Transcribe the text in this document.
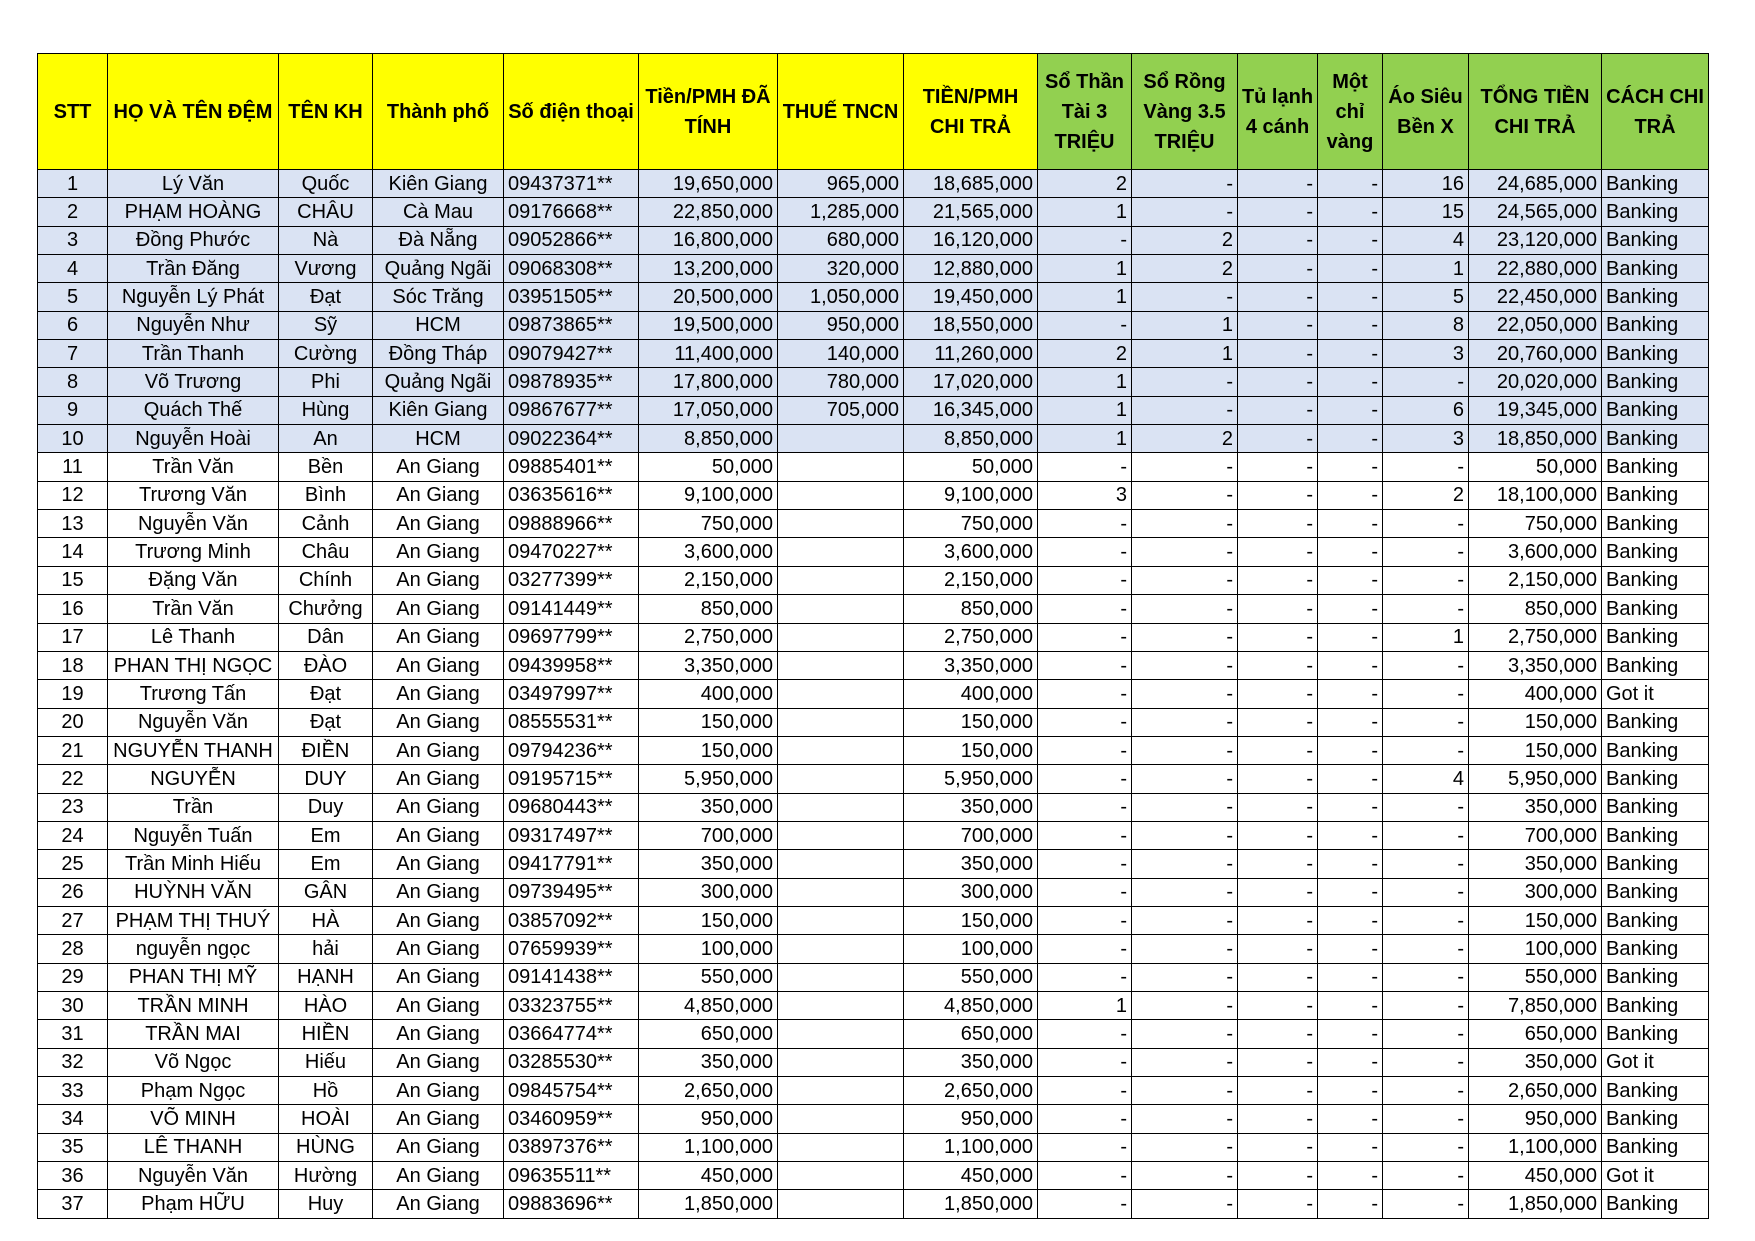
STT	HỌ VÀ TÊN ĐỆM	TÊN KH	Thành phố	Số điện thoại	Tiền/PMH ĐÃ TÍNH	THUẾ TNCN	TIỀN/PMH CHI TRẢ	Sổ Thần Tài 3 TRIỆU	Sổ Rồng Vàng 3.5 TRIỆU	Tủ lạnh 4 cánh	Một chỉ vàng	Áo Siêu Bền X	TỔNG TIỀN CHI TRẢ	CÁCH CHI TRẢ
1	Lý Văn	Quốc	Kiên Giang	09437371**	19,650,000	965,000	18,685,000	2	-	-	-	16	24,685,000	Banking
2	PHẠM HOÀNG	CHÂU	Cà Mau	09176668**	22,850,000	1,285,000	21,565,000	1	-	-	-	15	24,565,000	Banking
3	Đồng Phước	Nà	Đà Nẵng	09052866**	16,800,000	680,000	16,120,000	-	2	-	-	4	23,120,000	Banking
4	Trần Đăng	Vương	Quảng Ngãi	09068308**	13,200,000	320,000	12,880,000	1	2	-	-	1	22,880,000	Banking
5	Nguyễn Lý Phát	Đạt	Sóc Trăng	03951505**	20,500,000	1,050,000	19,450,000	1	-	-	-	5	22,450,000	Banking
6	Nguyễn Như	Sỹ	HCM	09873865**	19,500,000	950,000	18,550,000	-	1	-	-	8	22,050,000	Banking
7	Trần Thanh	Cường	Đồng Tháp	09079427**	11,400,000	140,000	11,260,000	2	1	-	-	3	20,760,000	Banking
8	Võ Trương	Phi	Quảng Ngãi	09878935**	17,800,000	780,000	17,020,000	1	-	-	-	-	20,020,000	Banking
9	Quách Thế	Hùng	Kiên Giang	09867677**	17,050,000	705,000	16,345,000	1	-	-	-	6	19,345,000	Banking
10	Nguyễn Hoài	An	HCM	09022364**	8,850,000		8,850,000	1	2	-	-	3	18,850,000	Banking
11	Trần Văn	Bền	An Giang	09885401**	50,000		50,000	-	-	-	-	-	50,000	Banking
12	Trương Văn	Bình	An Giang	03635616**	9,100,000		9,100,000	3	-	-	-	2	18,100,000	Banking
13	Nguyễn Văn	Cảnh	An Giang	09888966**	750,000		750,000	-	-	-	-	-	750,000	Banking
14	Trương Minh	Châu	An Giang	09470227**	3,600,000		3,600,000	-	-	-	-	-	3,600,000	Banking
15	Đặng Văn	Chính	An Giang	03277399**	2,150,000		2,150,000	-	-	-	-	-	2,150,000	Banking
16	Trần Văn	Chưởng	An Giang	09141449**	850,000		850,000	-	-	-	-	-	850,000	Banking
17	Lê Thanh	Dân	An Giang	09697799**	2,750,000		2,750,000	-	-	-	-	1	2,750,000	Banking
18	PHAN THỊ NGỌC	ĐÀO	An Giang	09439958**	3,350,000		3,350,000	-	-	-	-	-	3,350,000	Banking
19	Trương Tấn	Đạt	An Giang	03497997**	400,000		400,000	-	-	-	-	-	400,000	Got it
20	Nguyễn Văn	Đạt	An Giang	08555531**	150,000		150,000	-	-	-	-	-	150,000	Banking
21	NGUYỄN THANH	ĐIỀN	An Giang	09794236**	150,000		150,000	-	-	-	-	-	150,000	Banking
22	NGUYỄN	DUY	An Giang	09195715**	5,950,000		5,950,000	-	-	-	-	4	5,950,000	Banking
23	Trần	Duy	An Giang	09680443**	350,000		350,000	-	-	-	-	-	350,000	Banking
24	Nguyễn Tuấn	Em	An Giang	09317497**	700,000		700,000	-	-	-	-	-	700,000	Banking
25	Trần Minh Hiếu	Em	An Giang	09417791**	350,000		350,000	-	-	-	-	-	350,000	Banking
26	HUỲNH VĂN	GÂN	An Giang	09739495**	300,000		300,000	-	-	-	-	-	300,000	Banking
27	PHẠM THỊ THUÝ	HÀ	An Giang	03857092**	150,000		150,000	-	-	-	-	-	150,000	Banking
28	nguyễn ngọc	hải	An Giang	07659939**	100,000		100,000	-	-	-	-	-	100,000	Banking
29	PHAN THỊ MỸ	HẠNH	An Giang	09141438**	550,000		550,000	-	-	-	-	-	550,000	Banking
30	TRẦN MINH	HÀO	An Giang	03323755**	4,850,000		4,850,000	1	-	-	-	-	7,850,000	Banking
31	TRẦN MAI	HIỀN	An Giang	03664774**	650,000		650,000	-	-	-	-	-	650,000	Banking
32	Võ Ngọc	Hiếu	An Giang	03285530**	350,000		350,000	-	-	-	-	-	350,000	Got it
33	Phạm Ngọc	Hồ	An Giang	09845754**	2,650,000		2,650,000	-	-	-	-	-	2,650,000	Banking
34	VÕ MINH	HOÀI	An Giang	03460959**	950,000		950,000	-	-	-	-	-	950,000	Banking
35	LÊ THANH	HÙNG	An Giang	03897376**	1,100,000		1,100,000	-	-	-	-	-	1,100,000	Banking
36	Nguyễn Văn	Hường	An Giang	09635511**	450,000		450,000	-	-	-	-	-	450,000	Got it
37	Phạm HỮU	Huy	An Giang	09883696**	1,850,000		1,850,000	-	-	-	-	-	1,850,000	Banking
